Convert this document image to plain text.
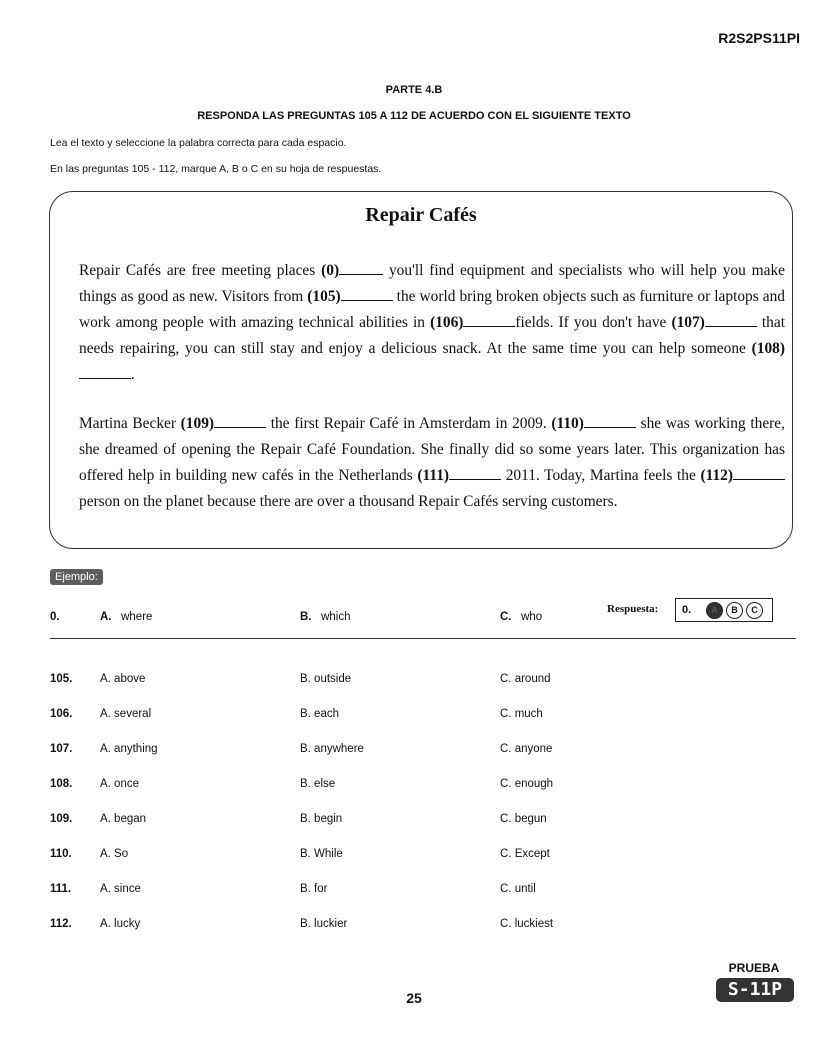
R2S2PS11PI
PARTE 4.B
RESPONDA LAS PREGUNTAS 105 A 112 DE ACUERDO CON EL SIGUIENTE TEXTO
Lea el texto y seleccione la palabra correcta para cada espacio.
En las preguntas 105 - 112, marque A, B o C en su hoja de respuestas.
Repair Cafés

Repair Cafés are free meeting places (0)	you'll find equipment and specialists who will help you make things as good as new. Visitors from (105)	the world bring broken objects such as furniture or laptops and work among people with amazing technical abilities in (106)	fields. If you don't have (107)	that needs repairing, you can still stay and enjoy a delicious snack. At the same time you can help someone (108).

Martina Becker (109)	the first Repair Café in Amsterdam in 2009. (110)	she was working there, she dreamed of opening the Repair Café Foundation. She finally did so some years later. This organization has offered help in building new cafés in the Netherlands (111)	2011. Today, Martina feels the (112) person on the planet because there are over a thousand Repair Cafés serving customers.

Ejemplo:
0.	A. where	B. which	C. who
Respuesta: 0.	A	B	C
105. A. above	B. outside	C. around
106. A. several	B. each	C. much
107. A. anything	B. anywhere	C. anyone
108. A. once	B. else	C. enough
109. A. began	B. begin	C. begun
110. A. So	B. While	C. Except
111.	A. since	B. for	C. until
112. A. lucky	B. luckier	C. luckiest
25
PRUEBA
S-11P
